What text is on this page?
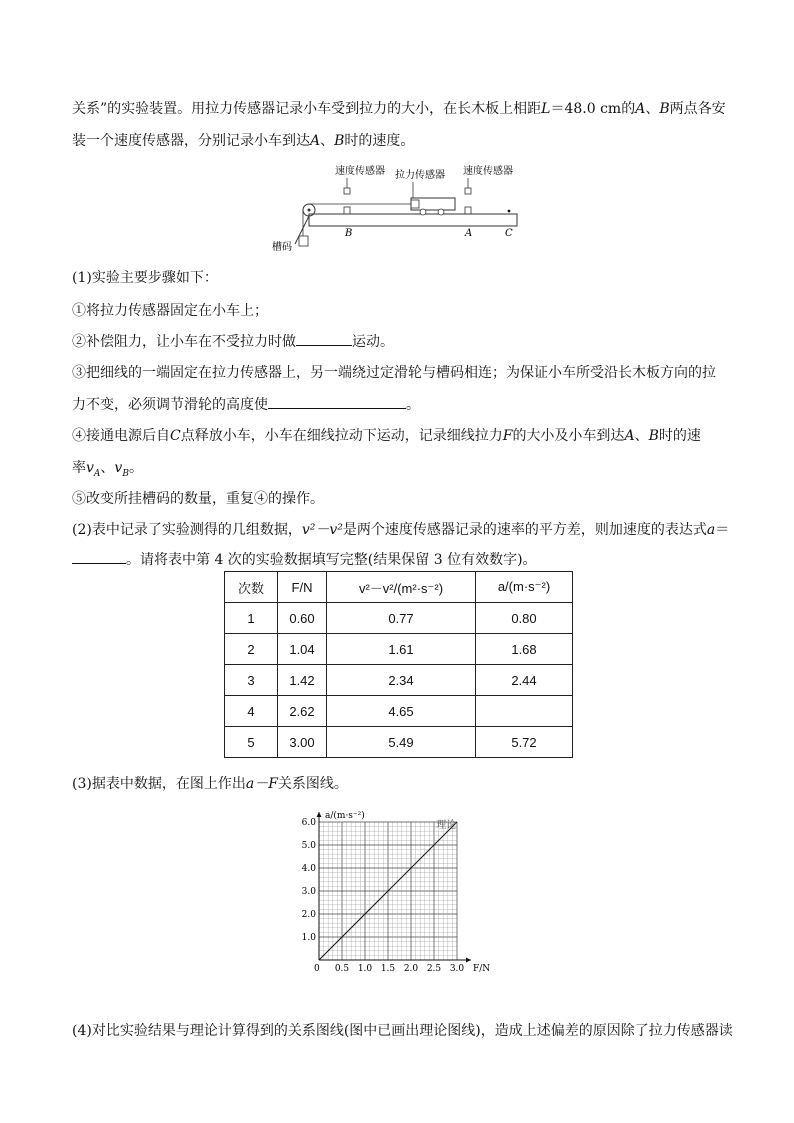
关系”的实验装置。用拉力传感器记录小车受到拉力的大小，在长木板上相距L＝48.0 cm的A、B两点各安
装一个速度传感器，分别记录小车到达A、B时的速度。
速度传感器 拉力传感器 速度传感器
槽码
B	A	C
(1)实验主要步骤如下：
①将拉力传感器固定在小车上；
②补偿阻力，让小车在不受拉力时做	运动。
③把细线的一端固定在拉力传感器上，另一端绕过定滑轮与槽码相连；为保证小车所受沿长木板方向的拉
力不变，必须调节滑轮的高度使	。
④接通电源后自C点释放小车，小车在细线拉动下运动，记录细线拉力F的大小及小车到达A、B时的速
率$v_A$、$v_B$。
⑤改变所挂槽码的数量，重复④的操作。
(2)表中记录了实验测得的几组数据，v²－v²是两个速度传感器记录的速率的平方差，则加速度的表达式a＝
。请将表中第 4 次的实验数据填写完整(结果保留 3 位有效数字)。
次数	F/N	v²－v²/(m²·s⁻²)	a/(m·s⁻²)
1	0.60	0.77	0.80
2	1.04	1.61	1.68
3	1.42	2.34	2.44
4	2.62	4.65	
5	3.00	5.49	5.72
(3)据表中数据，在图上作出a－F关系图线。
a/(m·s⁻²)
F/N
0
理论
1.0
2.0
3.0
4.0
5.0
6.0
0.5 1.0 1.5 2.0 2.5 3.0
(4)对比实验结果与理论计算得到的关系图线(图中已画出理论图线)，造成上述偏差的原因除了拉力传感器读
